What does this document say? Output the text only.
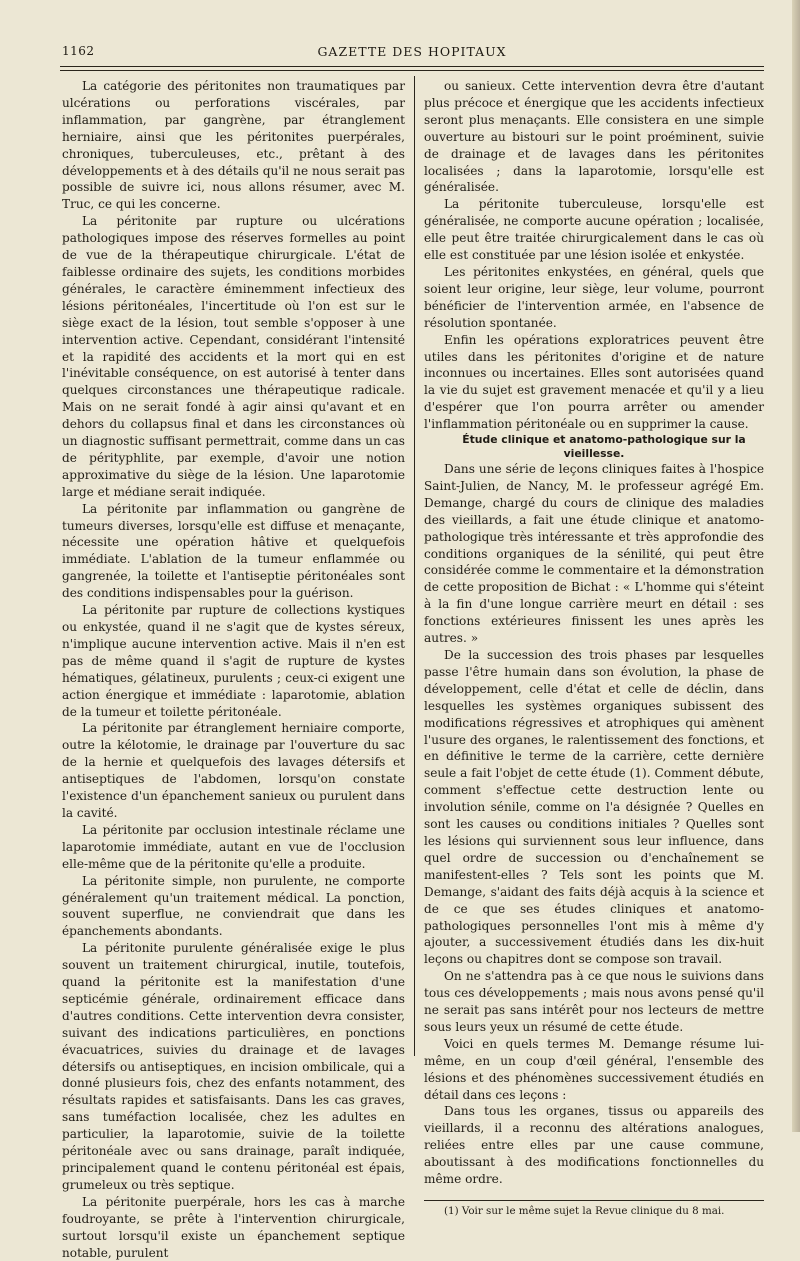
1162	GAZETTE DES HOPITAUX

La catégorie des péritonites non traumatiques par ulcérations ou perforations viscérales, par inflammation, par gangrène, par étranglement herniaire, ainsi que les péritonites puerpérales, chroniques, tuberculeuses, etc., prêtant à des développements et à des détails qu'il ne nous serait pas possible de suivre ici, nous allons résumer, avec M. Truc, ce qui les concerne.

La péritonite par rupture ou ulcérations pathologiques impose des réserves formelles au point de vue de la thérapeutique chirurgicale. L'état de faiblesse ordinaire des sujets, les conditions morbides générales, le caractère éminemment infectieux des lésions péritonéales, l'incertitude où l'on est sur le siège exact de la lésion, tout semble s'opposer à une intervention active. Cependant, considérant l'intensité et la rapidité des accidents et la mort qui en est l'inévitable conséquence, on est autorisé à tenter dans quelques circonstances une thérapeutique radicale. Mais on ne serait fondé à agir ainsi qu'avant et en dehors du collapsus final et dans les circonstances où un diagnostic suffisant permettrait, comme dans un cas de pérityphlite, par exemple, d'avoir une notion approximative du siège de la lésion. Une laparotomie large et médiane serait indiquée.

La péritonite par inflammation ou gangrène de tumeurs diverses, lorsqu'elle est diffuse et menaçante, nécessite une opération hâtive et quelquefois immédiate. L'ablation de la tumeur enflammée ou gangrenée, la toilette et l'antiseptie péritonéales sont des conditions indispensables pour la guérison.

La péritonite par rupture de collections kystiques ou enkystée, quand il ne s'agit que de kystes séreux, n'implique aucune intervention active. Mais il n'en est pas de même quand il s'agit de rupture de kystes hématiques, gélatineux, purulents ; ceux-ci exigent une action énergique et immédiate : laparotomie, ablation de la tumeur et toilette péritonéale.

La péritonite par étranglement herniaire comporte, outre la kélotomie, le drainage par l'ouverture du sac de la hernie et quelquefois des lavages détersifs et antiseptiques de l'abdomen, lorsqu'on constate l'existence d'un épanchement sanieux ou purulent dans la cavité.

La péritonite par occlusion intestinale réclame une laparotomie immédiate, autant en vue de l'occlusion elle-même que de la péritonite qu'elle a produite.

La péritonite simple, non purulente, ne comporte généralement qu'un traitement médical. La ponction, souvent superflue, ne conviendrait que dans les épanchements abondants.

La péritonite purulente généralisée exige le plus souvent un traitement chirurgical, inutile, toutefois, quand la péritonite est la manifestation d'une septicémie générale, ordinairement efficace dans d'autres conditions. Cette intervention devra consister, suivant des indications particulières, en ponctions évacuatrices, suivies du drainage et de lavages détersifs ou antiseptiques, en incision ombilicale, qui a donné plusieurs fois, chez des enfants notamment, des résultats rapides et satisfaisants. Dans les cas graves, sans tuméfaction localisée, chez les adultes en particulier, la laparotomie, suivie de la toilette péritonéale avec ou sans drainage, paraît indiquée, principalement quand le contenu péritonéal est épais, grumeleux ou très septique.

La péritonite puerpérale, hors les cas à marche foudroyante, se prête à l'intervention chirurgicale, surtout lorsqu'il existe un épanchement septique notable, purulent

ou sanieux. Cette intervention devra être d'autant plus précoce et énergique que les accidents infectieux seront plus menaçants. Elle consistera en une simple ouverture au bistouri sur le point proéminent, suivie de drainage et de lavages dans les péritonites localisées ; dans la laparotomie, lorsqu'elle est généralisée.

La péritonite tuberculeuse, lorsqu'elle est généralisée, ne comporte aucune opération ; localisée, elle peut être traitée chirurgicalement dans le cas où elle est constituée par une lésion isolée et enkystée.

Les péritonites enkystées, en général, quels que soient leur origine, leur siège, leur volume, pourront bénéficier de l'intervention armée, en l'absence de résolution spontanée.

Enfin les opérations exploratrices peuvent être utiles dans les péritonites d'origine et de nature inconnues ou incertaines. Elles sont autorisées quand la vie du sujet est gravement menacée et qu'il y a lieu d'espérer que l'on pourra arrêter ou amender l'inflammation péritonéale ou en supprimer la cause.

Étude clinique et anatomo-pathologique sur la vieillesse.

Dans une série de leçons cliniques faites à l'hospice Saint-Julien, de Nancy, M. le professeur agrégé Em. Demange, chargé du cours de clinique des maladies des vieillards, a fait une étude clinique et anatomo-pathologique très intéressante et très approfondie des conditions organiques de la sénilité, qui peut être considérée comme le commentaire et la démonstration de cette proposition de Bichat : « L'homme qui s'éteint à la fin d'une longue carrière meurt en détail : ses fonctions extérieures finissent les unes après les autres. »

De la succession des trois phases par lesquelles passe l'être humain dans son évolution, la phase de développement, celle d'état et celle de déclin, dans lesquelles les systèmes organiques subissent des modifications régressives et atrophiques qui amènent l'usure des organes, le ralentissement des fonctions, et en définitive le terme de la carrière, cette dernière seule a fait l'objet de cette étude (1). Comment débute, comment s'effectue cette destruction lente ou involution sénile, comme on l'a désignée ? Quelles en sont les causes ou conditions initiales ? Quelles sont les lésions qui surviennent sous leur influence, dans quel ordre de succession ou d'enchaînement se manifestent-elles ? Tels sont les points que M. Demange, s'aidant des faits déjà acquis à la science et de ce que ses études cliniques et anatomo-pathologiques personnelles l'ont mis à même d'y ajouter, a successivement étudiés dans les dix-huit leçons ou chapitres dont se compose son travail.

On ne s'attendra pas à ce que nous le suivions dans tous ces développements ; mais nous avons pensé qu'il ne serait pas sans intérêt pour nos lecteurs de mettre sous leurs yeux un résumé de cette étude.

Voici en quels termes M. Demange résume lui-même, en un coup d'œil général, l'ensemble des lésions et des phénomènes successivement étudiés en détail dans ces leçons :

Dans tous les organes, tissus ou appareils des vieillards, il a reconnu des altérations analogues, reliées entre elles par une cause commune, aboutissant à des modifications fonctionnelles du même ordre.

(1) Voir sur le même sujet la Revue clinique du 8 mai.
